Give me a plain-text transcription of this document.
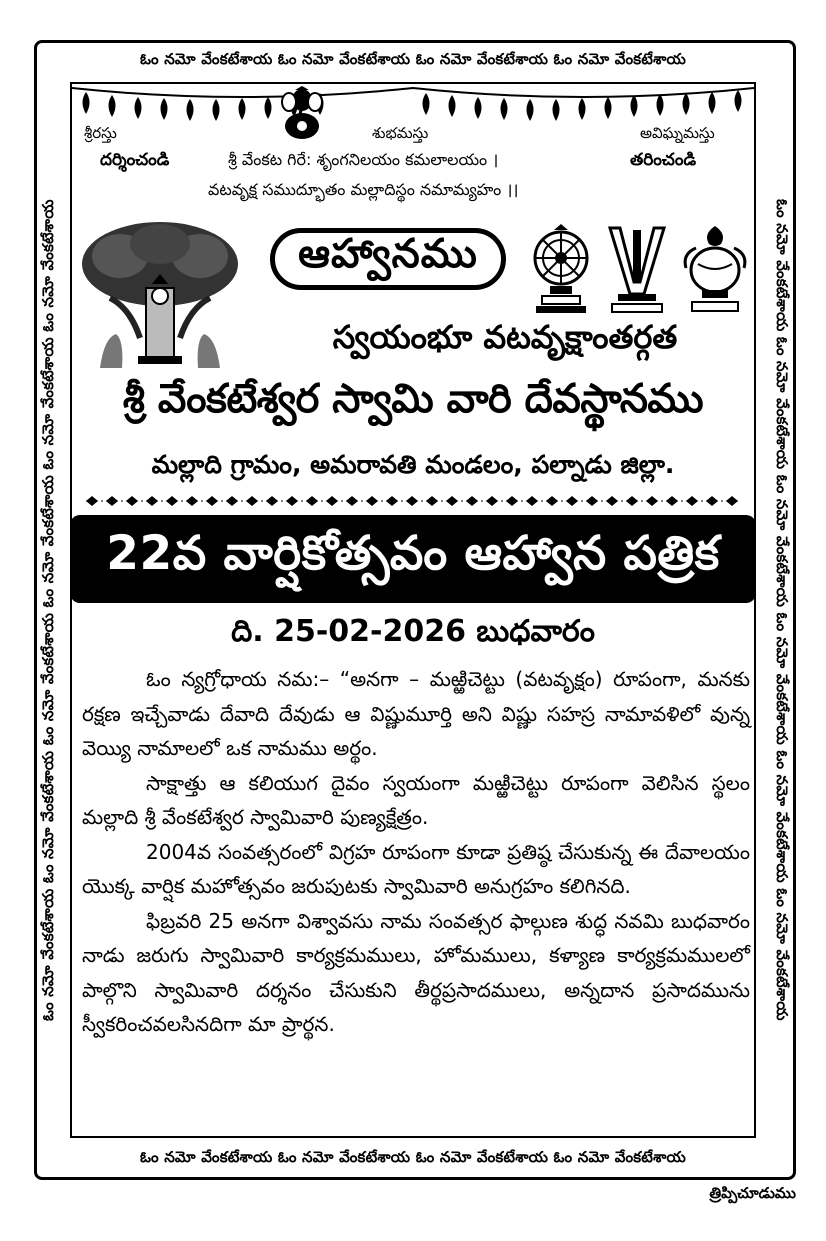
ఓం నమో వేంకటేశాయ ఓం నమో వేంకటేశాయ ఓం నమో వేంకటేశాయ ఓం నమో వేంకటేశాయ
ఓం నమో వేంకటేశాయ ఓం నమో వేంకటేశాయ ఓం నమో వేంకటేశాయ ఓం నమో వేంకటేశాయ
ఓం నమో వేంకటేశాయ ఓం నమో వేంకటేశాయ ఓం నమో వేంకటేశాయ ఓం నమో వేంకటేశాయ ఓం నమో వేంకటేశాయ ఓం నమో వేంకటేశాయ	ఓం నమో వేంకటేశాయ ఓం నమో వేంకటేశాయ ఓం నమో వేంకటేశాయ ఓం నమో వేంకటేశాయ ఓం నమో వేంకటేశాయ ఓం నమో వేంకటేశాయ
శ్రీరస్తు	శుభమస్తు	అవిఘ్నమస్తు
దర్శించండి	శ్రీ వేంకట గిరే: శృంగనిలయం కమలాలయం ।	తరించండి
వటవృక్ష సముద్భూతం మల్లాదిస్థం నమామ్యహం ।।
ఆహ్వానము
స్వయంభూ వటవృక్షాంతర్గత
శ్రీ వేంకటేశ్వర స్వామి వారి దేవస్థానము
మల్లాది గ్రామం, అమరావతి మండలం, పల్నాడు జిల్లా.
22వ వార్షికోత్సవం ఆహ్వాన పత్రిక
ది. 25-02-2026 బుధవారం

ఓం న్యగ్రోధాయ నమ:– “అనగా – మఱ్ఱిచెట్టు (వటవృక్షం) రూపంగా, మనకు రక్షణ ఇచ్చేవాడు దేవాది దేవుడు ఆ విష్ణుమూర్తి అని విష్ణు సహస్ర నామావళిలో వున్న వెయ్యి నామాలలో ఒక నామము అర్థం.

సాక్షాత్తు ఆ కలియుగ దైవం స్వయంగా మఱ్ఱిచెట్టు రూపంగా వెలిసిన స్థలం మల్లాది శ్రీ వేంకటేశ్వర స్వామివారి పుణ్యక్షేత్రం.

2004వ సంవత్సరంలో విగ్రహ రూపంగా కూడా ప్రతిష్ఠ చేసుకున్న ఈ దేవాలయం యొక్క వార్షిక మహోత్సవం జరుపుటకు స్వామివారి అనుగ్రహం కలిగినది.

ఫిబ్రవరి 25 అనగా విశ్వావసు నామ సంవత్సర ఫాల్గుణ శుద్ధ నవమి బుధవారం నాడు జరుగు స్వామివారి కార్యక్రమములు, హోమములు, కళ్యాణ కార్యక్రమములలో పాల్గొని స్వామివారి దర్శనం చేసుకుని తీర్థప్రసాదములు, అన్నదాన ప్రసాదమును స్వీకరించవలసినదిగా మా ప్రార్థన.

త్రిప్పిచూడుము
